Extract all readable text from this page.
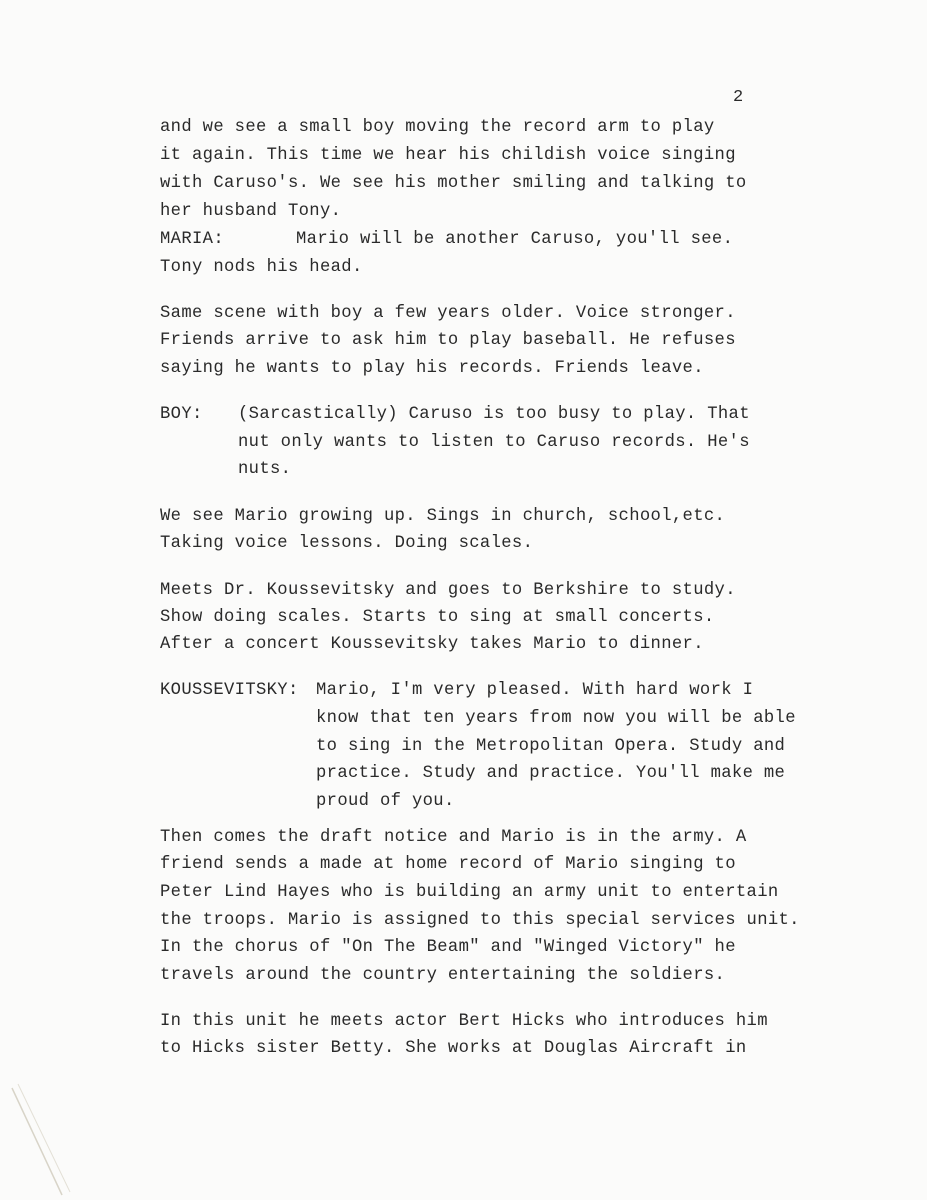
2
and we see a small boy moving the record arm to play
it again. This time we hear his childish voice singing
with Caruso's. We see his mother smiling and talking to
her husband Tony.
MARIA:	Mario will be another Caruso, you'll see.
Tony nods his head.
Same scene with boy a few years older. Voice stronger.
Friends arrive to ask him to play baseball. He refuses
saying he wants to play his records. Friends leave.
BOY: (Sarcastically) Caruso is too busy to play. That
nut only wants to listen to Caruso records. He's
nuts.
We see Mario growing up. Sings in church, school,etc.
Taking voice lessons. Doing scales.
Meets Dr. Koussevitsky and goes to Berkshire to study.
Show doing scales. Starts to sing at small concerts.
After a concert Koussevitsky takes Mario to dinner.
KOUSSEVITSKY: Mario, I'm very pleased. With hard work I
know that ten years from now you will be able
to sing in the Metropolitan Opera. Study and
practice. Study and practice. You'll make me
proud of you.
Then comes the draft notice and Mario is in the army. A
friend sends a made at home record of Mario singing to
Peter Lind Hayes who is building an army unit to entertain
the troops. Mario is assigned to this special services unit.
In the chorus of "On The Beam" and "Winged Victory" he
travels around the country entertaining the soldiers.
In this unit he meets actor Bert Hicks who introduces him
to Hicks sister Betty. She works at Douglas Aircraft in
